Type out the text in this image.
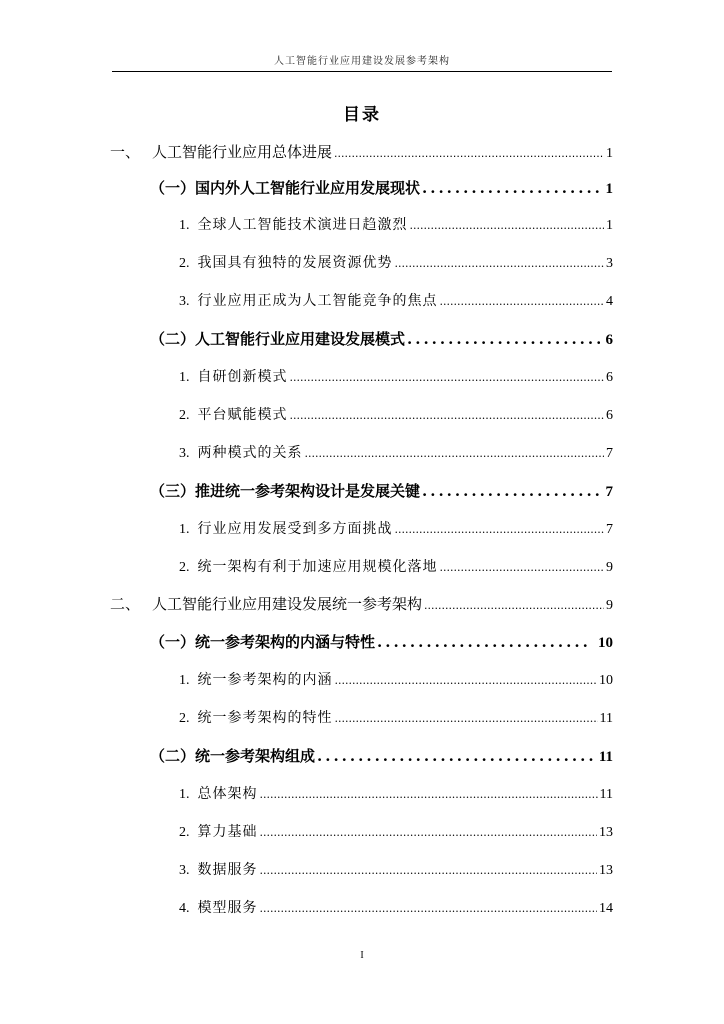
人工智能行业应用建设发展参考架构
目录
一、 人工智能行业应用总体进展 .....	1
（一）国内外人工智能行业应用发展现状 .....	1
1. 全球人工智能技术演进日趋激烈 .....	1
2. 我国具有独特的发展资源优势 .....	3
3. 行业应用正成为人工智能竞争的焦点 .....	4
（二）人工智能行业应用建设发展模式 .....	6
1. 自研创新模式 .....	6
2. 平台赋能模式 .....	6
3. 两种模式的关系 .....	7
（三）推进统一参考架构设计是发展关键 .....	7
1. 行业应用发展受到多方面挑战 .....	7
2. 统一架构有利于加速应用规模化落地 .....	9
二、 人工智能行业应用建设发展统一参考架构 .....	9
（一）统一参考架构的内涵与特性 .....	10
1. 统一参考架构的内涵 .....	10
2. 统一参考架构的特性 .....	11
（二）统一参考架构组成 .....	11
1. 总体架构 .....	11
2. 算力基础 .....	13
3. 数据服务 .....	13
4. 模型服务 .....	14
I
